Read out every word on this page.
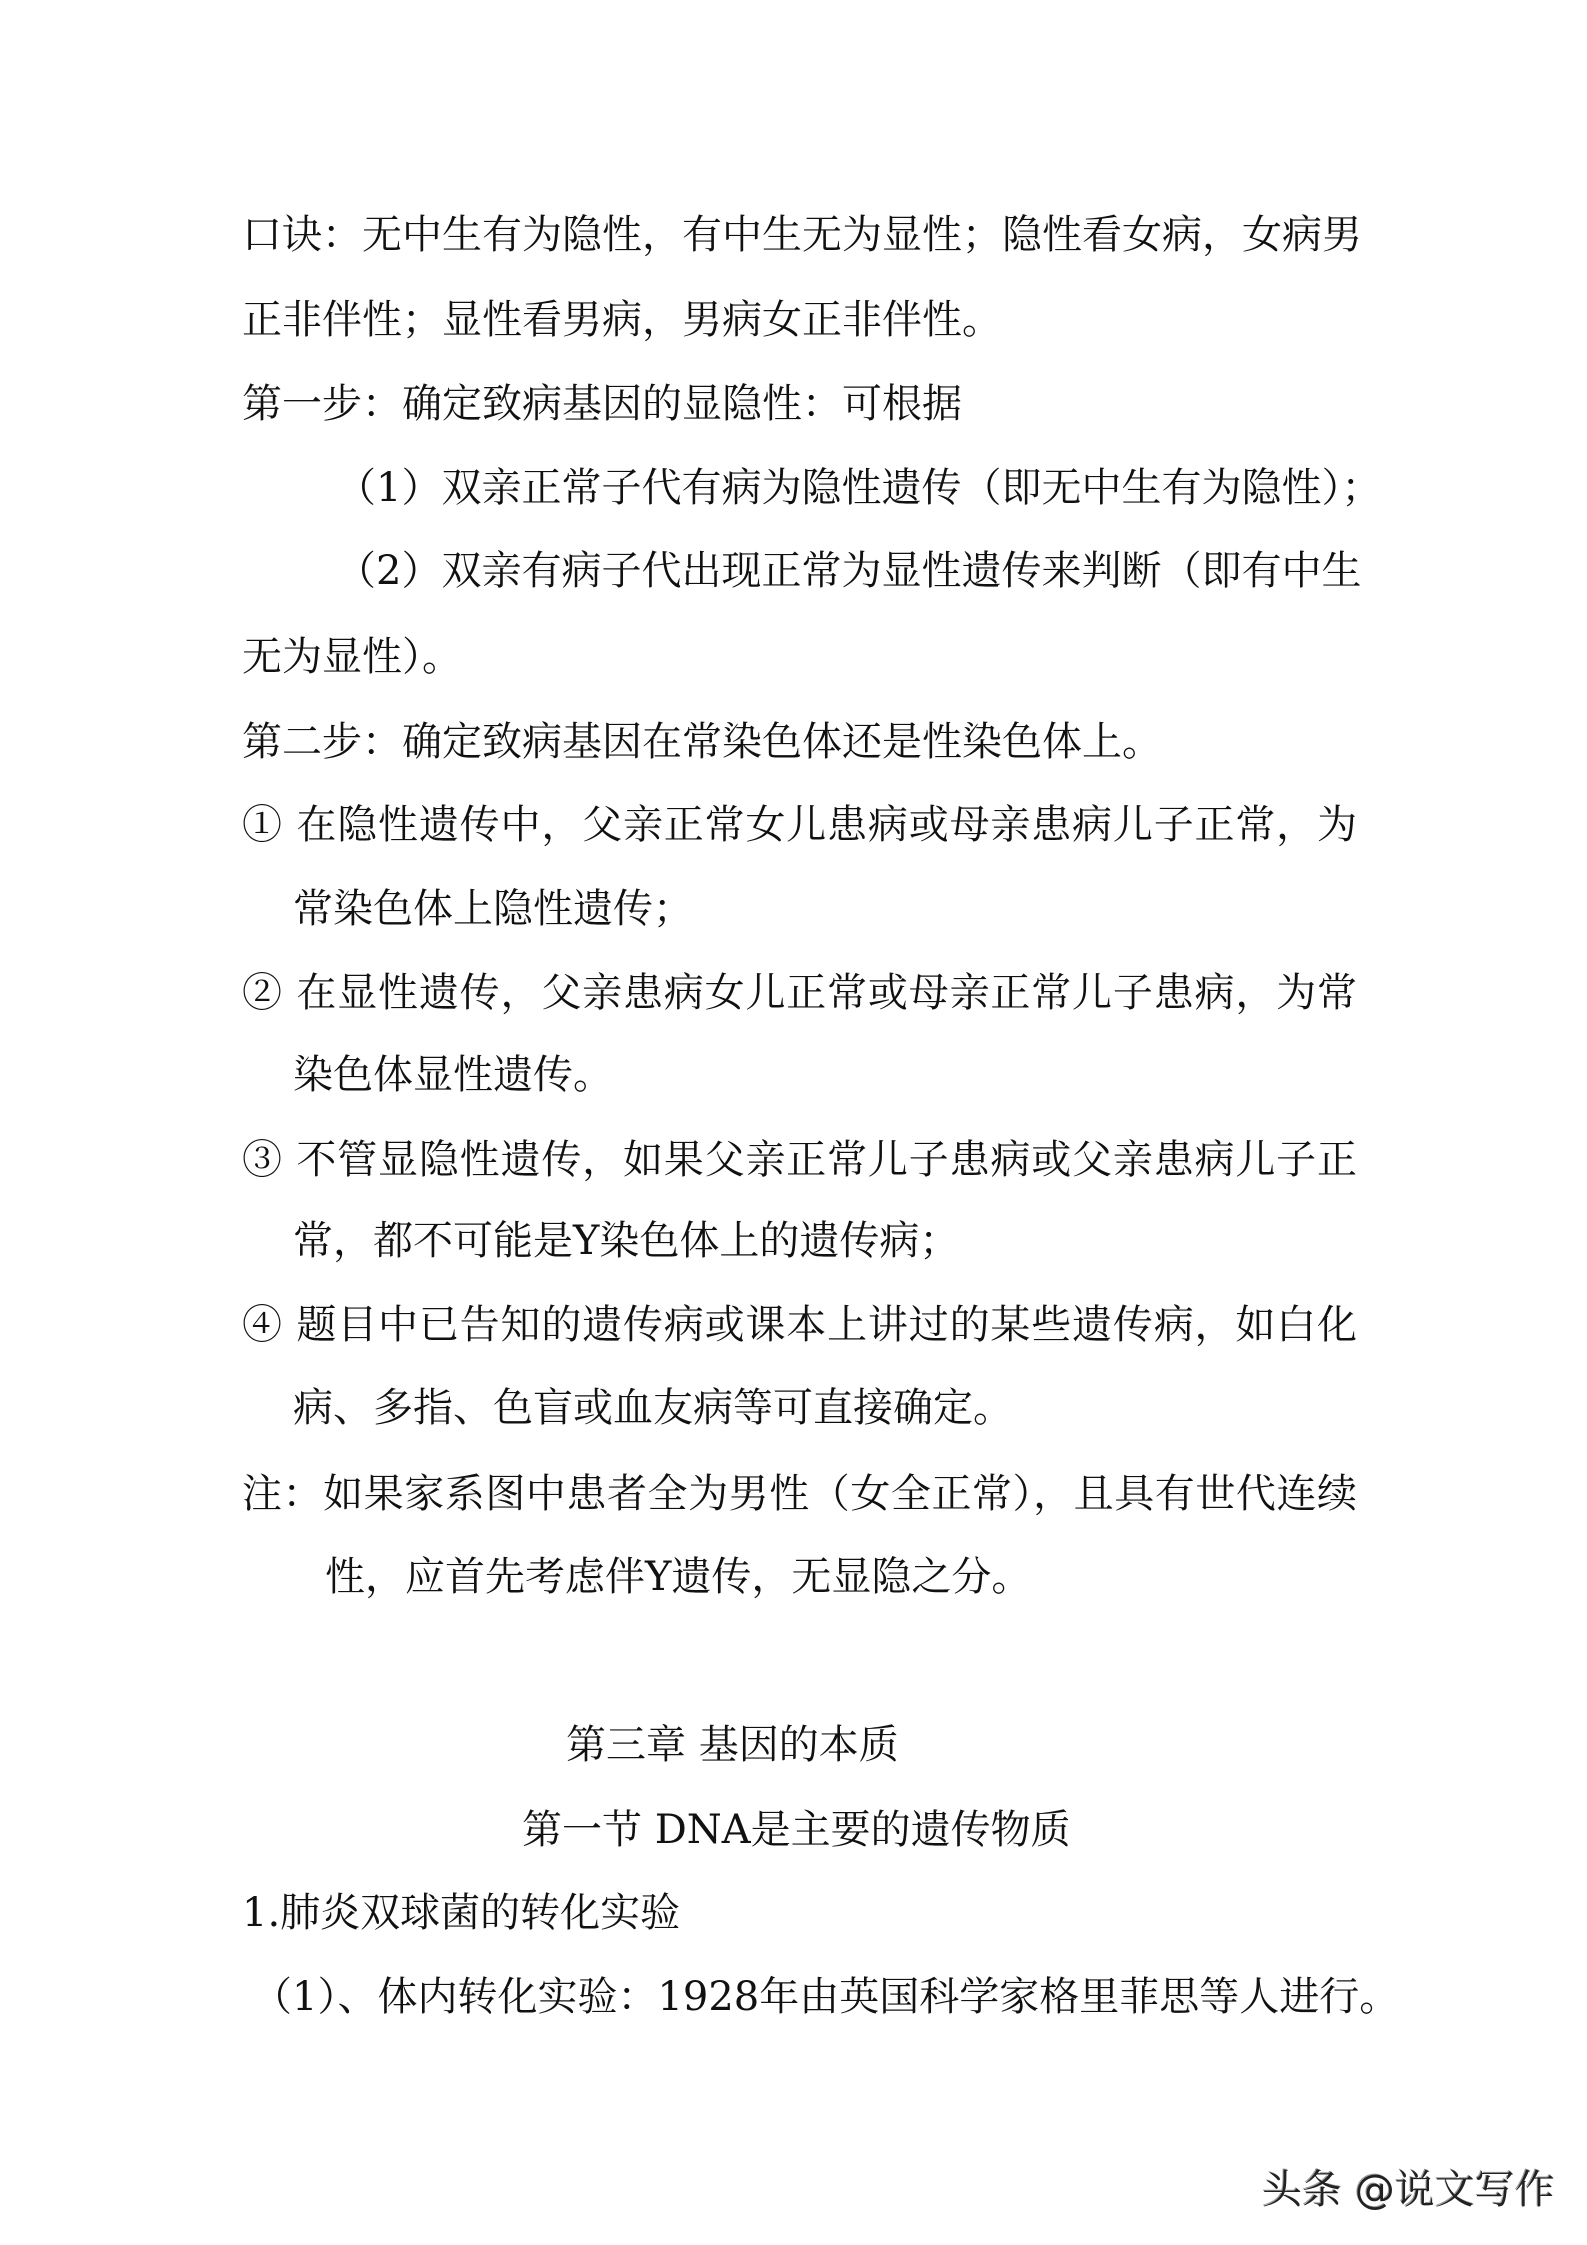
口诀：无中生有为隐性，有中生无为显性；隐性看女病，女病男
正非伴性；显性看男病，男病女正非伴性。
第一步：确定致病基因的显隐性：可根据
（1）双亲正常子代有病为隐性遗传（即无中生有为隐性）；
（2）双亲有病子代出现正常为显性遗传来判断（即有中生
无为显性）。
第二步：确定致病基因在常染色体还是性染色体上。
① 在隐性遗传中，父亲正常女儿患病或母亲患病儿子正常，为
常染色体上隐性遗传；
② 在显性遗传，父亲患病女儿正常或母亲正常儿子患病，为常
染色体显性遗传。
③ 不管显隐性遗传，如果父亲正常儿子患病或父亲患病儿子正
常，都不可能是Y染色体上的遗传病；
④ 题目中已告知的遗传病或课本上讲过的某些遗传病，如白化
病、多指、色盲或血友病等可直接确定。
注：如果家系图中患者全为男性（女全正常），且具有世代连续
性，应首先考虑伴Y遗传，无显隐之分。
第三章 基因的本质
第一节 DNA是主要的遗传物质
1.肺炎双球菌的转化实验
（1）、体内转化实验：1928年由英国科学家格里菲思等人进行。
头条 @说文写作
